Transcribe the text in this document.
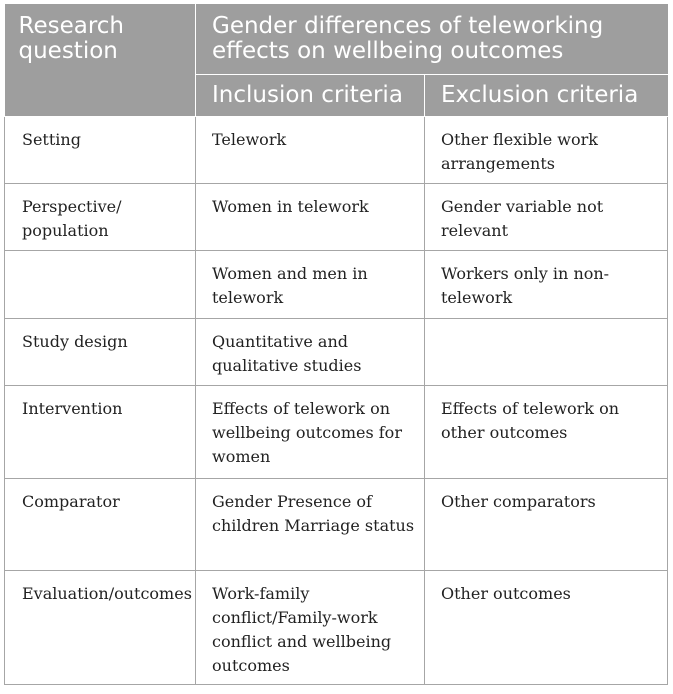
Research question	Gender differences of teleworking effects on wellbeing outcomes	
	Inclusion criteria	Exclusion criteria
Setting	Telework	Other flexible work arrangements
Perspective/ population	Women in telework	Gender variable not relevant
	Women and men in telework	Workers only in non-telework
Study design	Quantitative and qualitative studies	
Intervention	Effects of telework on wellbeing outcomes for women	Effects of telework on other outcomes
Comparator	Gender Presence of children Marriage status	Other comparators
Evaluation/outcomes	Work-family conflict/Family-work conflict and wellbeing outcomes	Other outcomes
